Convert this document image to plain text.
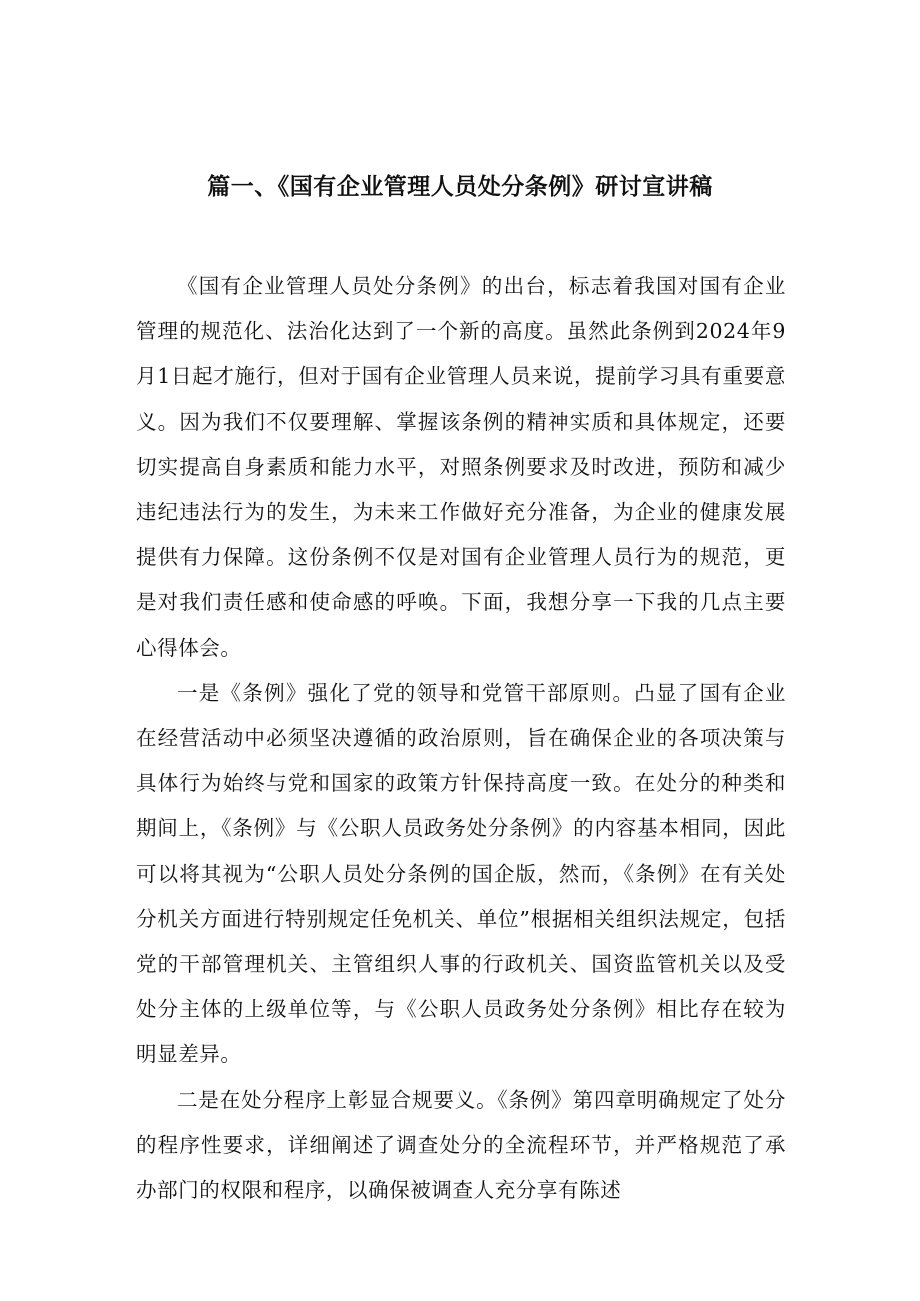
篇一、《国有企业管理人员处分条例》研讨宣讲稿

《国有企业管理人员处分条例》的出台，标志着我国对国有企业管理的规范化、法治化达到了一个新的高度。虽然此条例到2024年9月1日起才施行，但对于国有企业管理人员来说，提前学习具有重要意义。因为我们不仅要理解、掌握该条例的精神实质和具体规定，还要切实提高自身素质和能力水平，对照条例要求及时改进，预防和减少违纪违法行为的发生，为未来工作做好充分准备，为企业的健康发展提供有力保障。这份条例不仅是对国有企业管理人员行为的规范，更是对我们责任感和使命感的呼唤。下面，我想分享一下我的几点主要心得体会。

一是《条例》强化了党的领导和党管干部原则。凸显了国有企业在经营活动中必须坚决遵循的政治原则，旨在确保企业的各项决策与具体行为始终与党和国家的政策方针保持高度一致。在处分的种类和期间上，《条例》与《公职人员政务处分条例》的内容基本相同，因此可以将其视为“公职人员处分条例的国企版，然而，《条例》在有关处分机关方面进行特别规定任免机关、单位”根据相关组织法规定，包括党的干部管理机关、主管组织人事的行政机关、国资监管机关以及受处分主体的上级单位等，与《公职人员政务处分条例》相比存在较为明显差异。

二是在处分程序上彰显合规要义。《条例》第四章明确规定了处分的程序性要求，详细阐述了调查处分的全流程环节，并严格规范了承办部门的权限和程序，以确保被调查人充分享有陈述
